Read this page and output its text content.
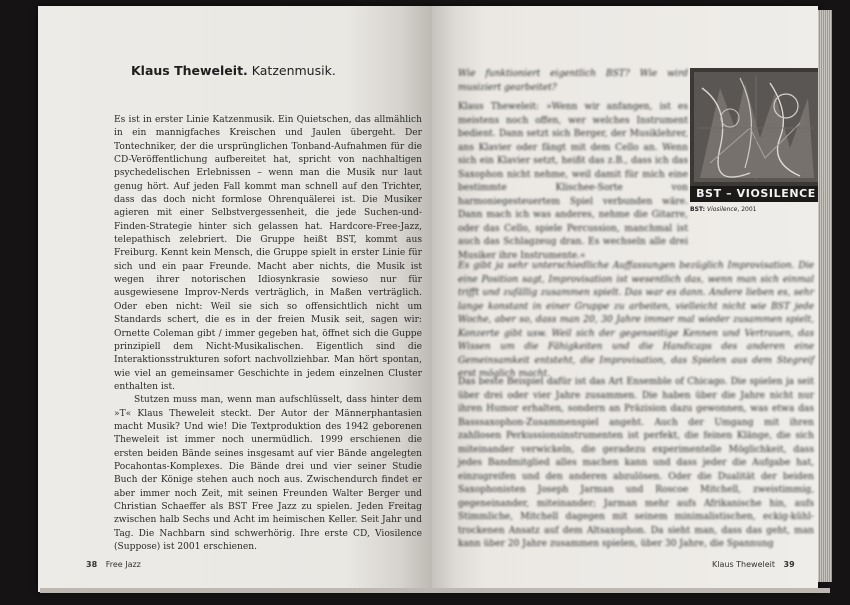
Klaus Theweleit. Katzenmusik.

Es ist in erster Linie Katzenmusik. Ein Quietschen, das allmählich in ein mannigfaches Kreischen und Jaulen übergeht. Der Tontechniker, der die ursprünglichen Tonband-Aufnahmen für die CD-Veröffentlichung aufbereitet hat, spricht von nachhaltigen psychedelischen Erlebnissen – wenn man die Musik nur laut genug hört. Auf jeden Fall kommt man schnell auf den Trichter, dass das doch nicht formlose Ohrenquälerei ist. Die Musiker agieren mit einer Selbstvergessenheit, die jede Suchen-und-Finden-Strategie hinter sich gelassen hat. Hardcore-Free-Jazz, telepathisch zelebriert. Die Gruppe heißt BST, kommt aus Freiburg. Kennt kein Mensch, die Gruppe spielt in erster Linie für sich und ein paar Freunde. Macht aber nichts, die Musik ist wegen ihrer notorischen Idiosynkrasie sowieso nur für ausgewiesene Improv-Nerds verträglich, in Maßen verträglich. Oder eben nicht: Weil sie sich so offensichtlich nicht um Standards schert, die es in der freien Musik seit, sagen wir: Ornette Coleman gibt / immer gegeben hat, öffnet sich die Guppe prinzipiell dem Nicht-Musikalischen. Eigentlich sind die Interaktionsstrukturen sofort nachvollziehbar. Man hört spontan, wie viel an gemeinsamer Geschichte in jedem einzelnen Cluster enthalten ist.

Stutzen muss man, wenn man aufschlüsselt, dass hinter dem »T« Klaus Theweleit steckt. Der Autor der Männerphantasien macht Musik? Und wie! Die Textproduktion des 1942 geborenen Theweleit ist immer noch unermüdlich. 1999 erschienen die ersten beiden Bände seines insgesamt auf vier Bände angelegten Pocahontas-Komplexes. Die Bände drei und vier seiner Studie Buch der Könige stehen auch noch aus. Zwischendurch findet er aber immer noch Zeit, mit seinen Freunden Walter Berger und Christian Schaeffer als BST Free Jazz zu spielen. Jeden Freitag zwischen halb Sechs und Acht im heimischen Keller. Seit Jahr und Tag. Die Nachbarn sind schwerhörig. Ihre erste CD, Viosilence (Suppose) ist 2001 erschienen.

38 Free Jazz

Wie funktioniert eigentlich BST? Wie wird musiziert gearbeitet?

Klaus Theweleit: »Wenn wir anfangen, ist es meistens noch offen, wer welches Instrument bedient. Dann setzt sich Berger, der Musiklehrer, ans Klavier oder fängt mit dem Cello an. Wenn sich ein Klavier setzt, heißt das z.B., dass ich das Saxophon nicht nehme, weil damit für mich eine bestimmte Klischee-Sorte von harmoniegesteuertem Spiel verbunden wäre. Dann mach ich was anderes, nehme die Gitarre, oder das Cello, spiele Percussion, manchmal ist auch das Schlagzeug dran. Es wechseln alle drei Musiker ihre Instrumente.«

BST – VIOSILENCE
BST: Viosilence, 2001

Es gibt ja sehr unterschiedliche Auffassungen bezüglich Improvisation. Die eine Position sagt, Improvisation ist wesentlich das, wenn man sich einmal trifft und zufällig zusammen spielt. Das war es dann. Andere lieben es, sehr lange konstant in einer Gruppe zu arbeiten, vielleicht nicht wie BST jede Woche, aber so, dass man 20, 30 Jahre immer mal wieder zusammen spielt, Konzerte gibt usw. Weil sich der gegenseitige Kennen und Vertrauen, das Wissen um die Fähigkeiten und die Handicaps des anderen eine Gemeinsamkeit entsteht, die Improvisation, das Spielen aus dem Stegreif erst möglich macht.

Das beste Beispiel dafür ist das Art Ensemble of Chicago. Die spielen ja seit über drei oder vier Jahre zusammen. Die haben über die Jahre nicht nur ihren Humor erhalten, sondern an Präzision dazu gewonnen, was etwa das Basssaxophon-Zusammenspiel angeht. Auch der Umgang mit ihren zahllosen Perkussionsinstrumenten ist perfekt, die feinen Klänge, die sich miteinander verwickeln, die geradezu experimentelle Möglichkeit, dass jedes Bandmitglied alles machen kann und dass jeder die Aufgabe hat, einzugreifen und den anderen abzulösen. Oder die Dualität der beiden Saxophonisten Joseph Jarman und Roscoe Mitchell, zweistimmig, gegeneinander, miteinander; Jarman mehr aufs Afrikanische hin, aufs Stimmliche, Mitchell dagegen mit seinem minimalistischen, eckig-kühl-trockenen Ansatz auf dem Altsaxophon. Da sieht man, dass das geht, man kann über 20 Jahre zusammen spielen, über 30 Jahre, die Spannung

Klaus Theweleit 39
